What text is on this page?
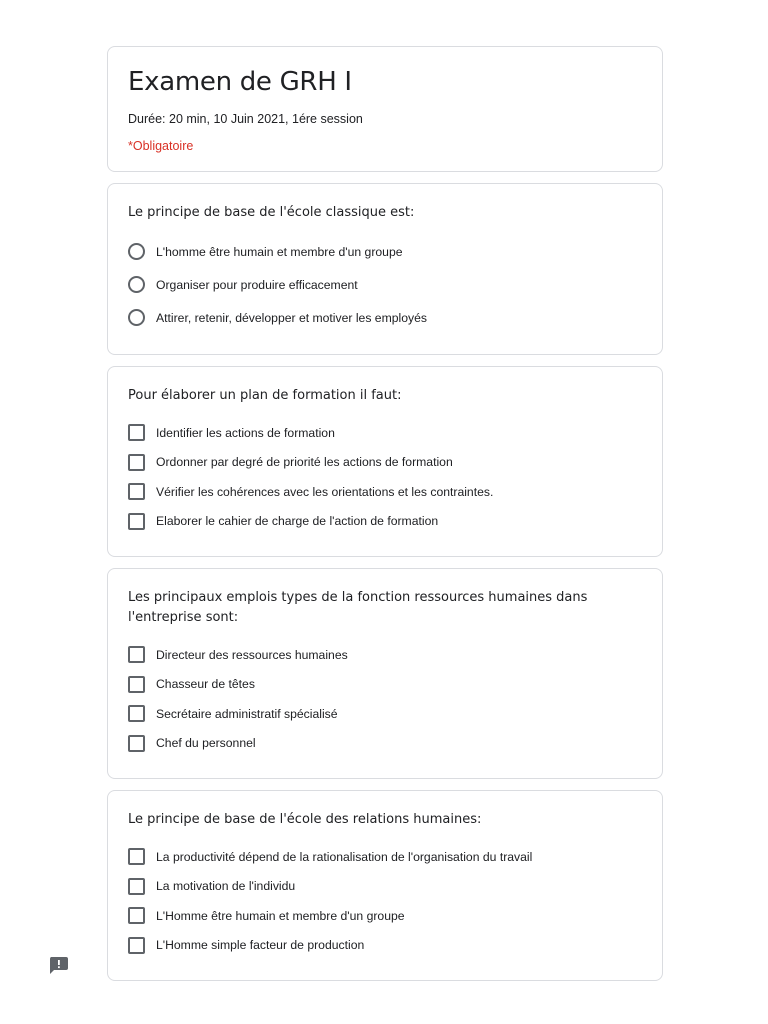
Examen de GRH I
Durée: 20 min, 10 Juin 2021, 1ére session
*Obligatoire
Le principe de base de l'école classique est:
L'homme être humain et membre d'un groupe
Organiser pour produire efficacement
Attirer, retenir, développer et motiver les employés
Pour élaborer un plan de formation il faut:
Identifier les actions de formation
Ordonner par degré de priorité les actions de formation
Vérifier les cohérences avec les orientations et les contraintes.
Elaborer le cahier de charge de l'action de formation
Les principaux emplois types de la fonction ressources humaines dans l'entreprise sont:
Directeur des ressources humaines
Chasseur de têtes
Secrétaire administratif spécialisé
Chef du personnel
Le principe de base de l'école des relations humaines:
La productivité dépend de la rationalisation de l'organisation du travail
La motivation de l'individu
L'Homme être humain et membre d'un groupe
L'Homme simple facteur de production
